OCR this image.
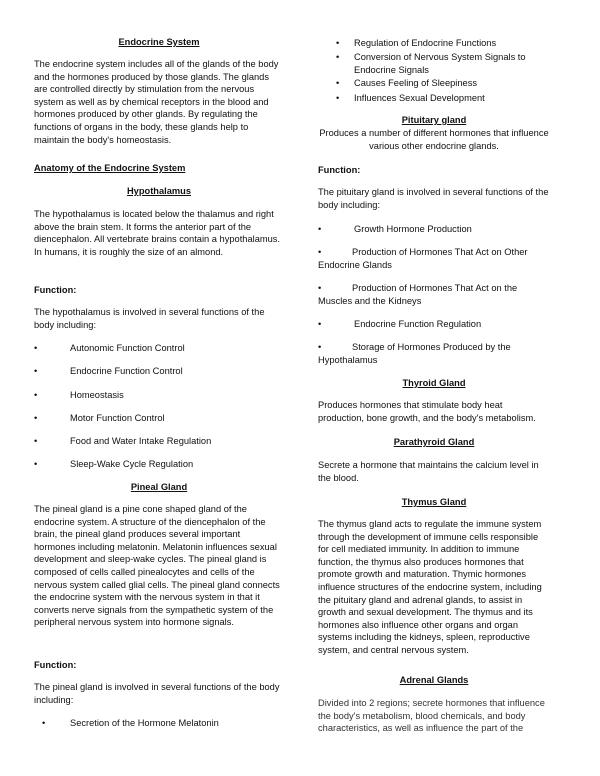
Endocrine System

The endocrine system includes all of the glands of the body and the hormones produced by those glands. The glands are controlled directly by stimulation from the nervous system as well as by chemical receptors in the blood and hormones produced by other glands. By regulating the functions of organs in the body, these glands help to maintain the body's homeostasis.

Anatomy of the Endocrine System
Hypothalamus

The hypothalamus is located below the thalamus and right above the brain stem. It forms the anterior part of the diencephalon. All vertebrate brains contain a hypothalamus. In humans, it is roughly the size of an almond.

Function:

The hypothalamus is involved in several functions of the body including:

•	Autonomic Function Control
•	Endocrine Function Control
•	Homeostasis
•	Motor Function Control
•	Food and Water Intake Regulation
•	Sleep-Wake Cycle Regulation
Pineal Gland

The pineal gland is a pine cone shaped gland of the endocrine system. A structure of the diencephalon of the brain, the pineal gland produces several important hormones including melatonin. Melatonin influences sexual development and sleep-wake cycles. The pineal gland is composed of cells called pinealocytes and cells of the nervous system called glial cells. The pineal gland connects the endocrine system with the nervous system in that it converts nerve signals from the sympathetic system of the peripheral nervous system into hormone signals.

Function:

The pineal gland is involved in several functions of the body including:

•	Secretion of the Hormone Melatonin
•	Regulation of Endocrine Functions
•	Conversion of Nervous System Signals to Endocrine Signals
•	Causes Feeling of Sleepiness
•	Influences Sexual Development
Pituitary gland

Produces a number of different hormones that influence various other endocrine glands.

Function:

The pituitary gland is involved in several functions of the body including:

•	Growth Hormone Production

•	Production of Hormones That Act on Other Endocrine Glands

•	Production of Hormones That Act on the Muscles and the Kidneys

•	Endocrine Function Regulation

•	Storage of Hormones Produced by the Hypothalamus

Thyroid Gland

Produces hormones that stimulate body heat production, bone growth, and the body's metabolism.

Parathyroid Gland

Secrete a hormone that maintains the calcium level in the blood.

Thymus Gland

The thymus gland acts to regulate the immune system through the development of immune cells responsible for cell mediated immunity. In addition to immune function, the thymus also produces hormones that promote growth and maturation. Thymic hormones influence structures of the endocrine system, including the pituitary gland and adrenal glands, to assist in growth and sexual development. The thymus and its hormones also influence other organs and organ systems including the kidneys, spleen, reproductive system, and central nervous system.

Adrenal Glands

Divided into 2 regions; secrete hormones that influence the body's metabolism, blood chemicals, and body characteristics, as well as influence the part of the
